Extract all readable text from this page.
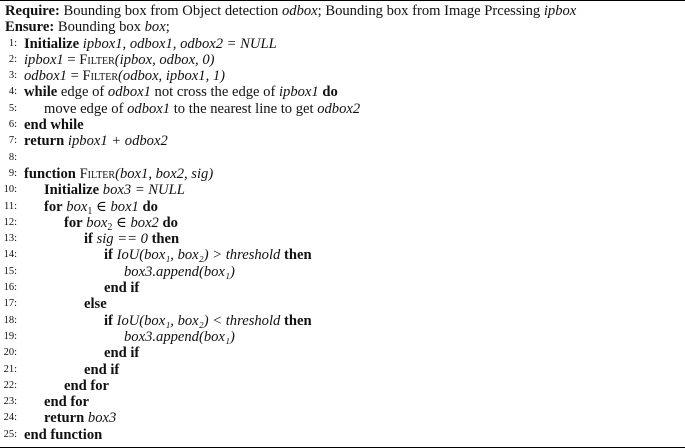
Require: Bounding box from Object detection odbox; Bounding box from Image Prcessing ipbox
Ensure: Bounding box box;
1: Initialize ipbox1, odbox1, odbox2 = NULL
2: ipbox1 = Filter(ipbox, odbox, 0)
3: odbox1 = Filter(odbox, ipbox1, 1)
4: while edge of odbox1 not cross the edge of ipbox1 do
5: move edge of odbox1 to the nearest line to get odbox2
6: end while
7: return ipbox1 + odbox2
8:
9: function Filter(box1, box2, sig)
10: Initialize box3 = NULL
11: for box$_1$ ∈ box1 do
12:	for box$_2$ ∈ box2 do
13:	if sig == 0 then
14:	if IoU(box₁, box₂) > threshold then
15:	box3.append(box₁)
16:	end if
17:	else
18:	if IoU(box₁, box₂) < threshold then
19:	box3.append(box₁)
20:	end if
21:	end if
22:	end for
23: end for
24: return box3
25: end function
